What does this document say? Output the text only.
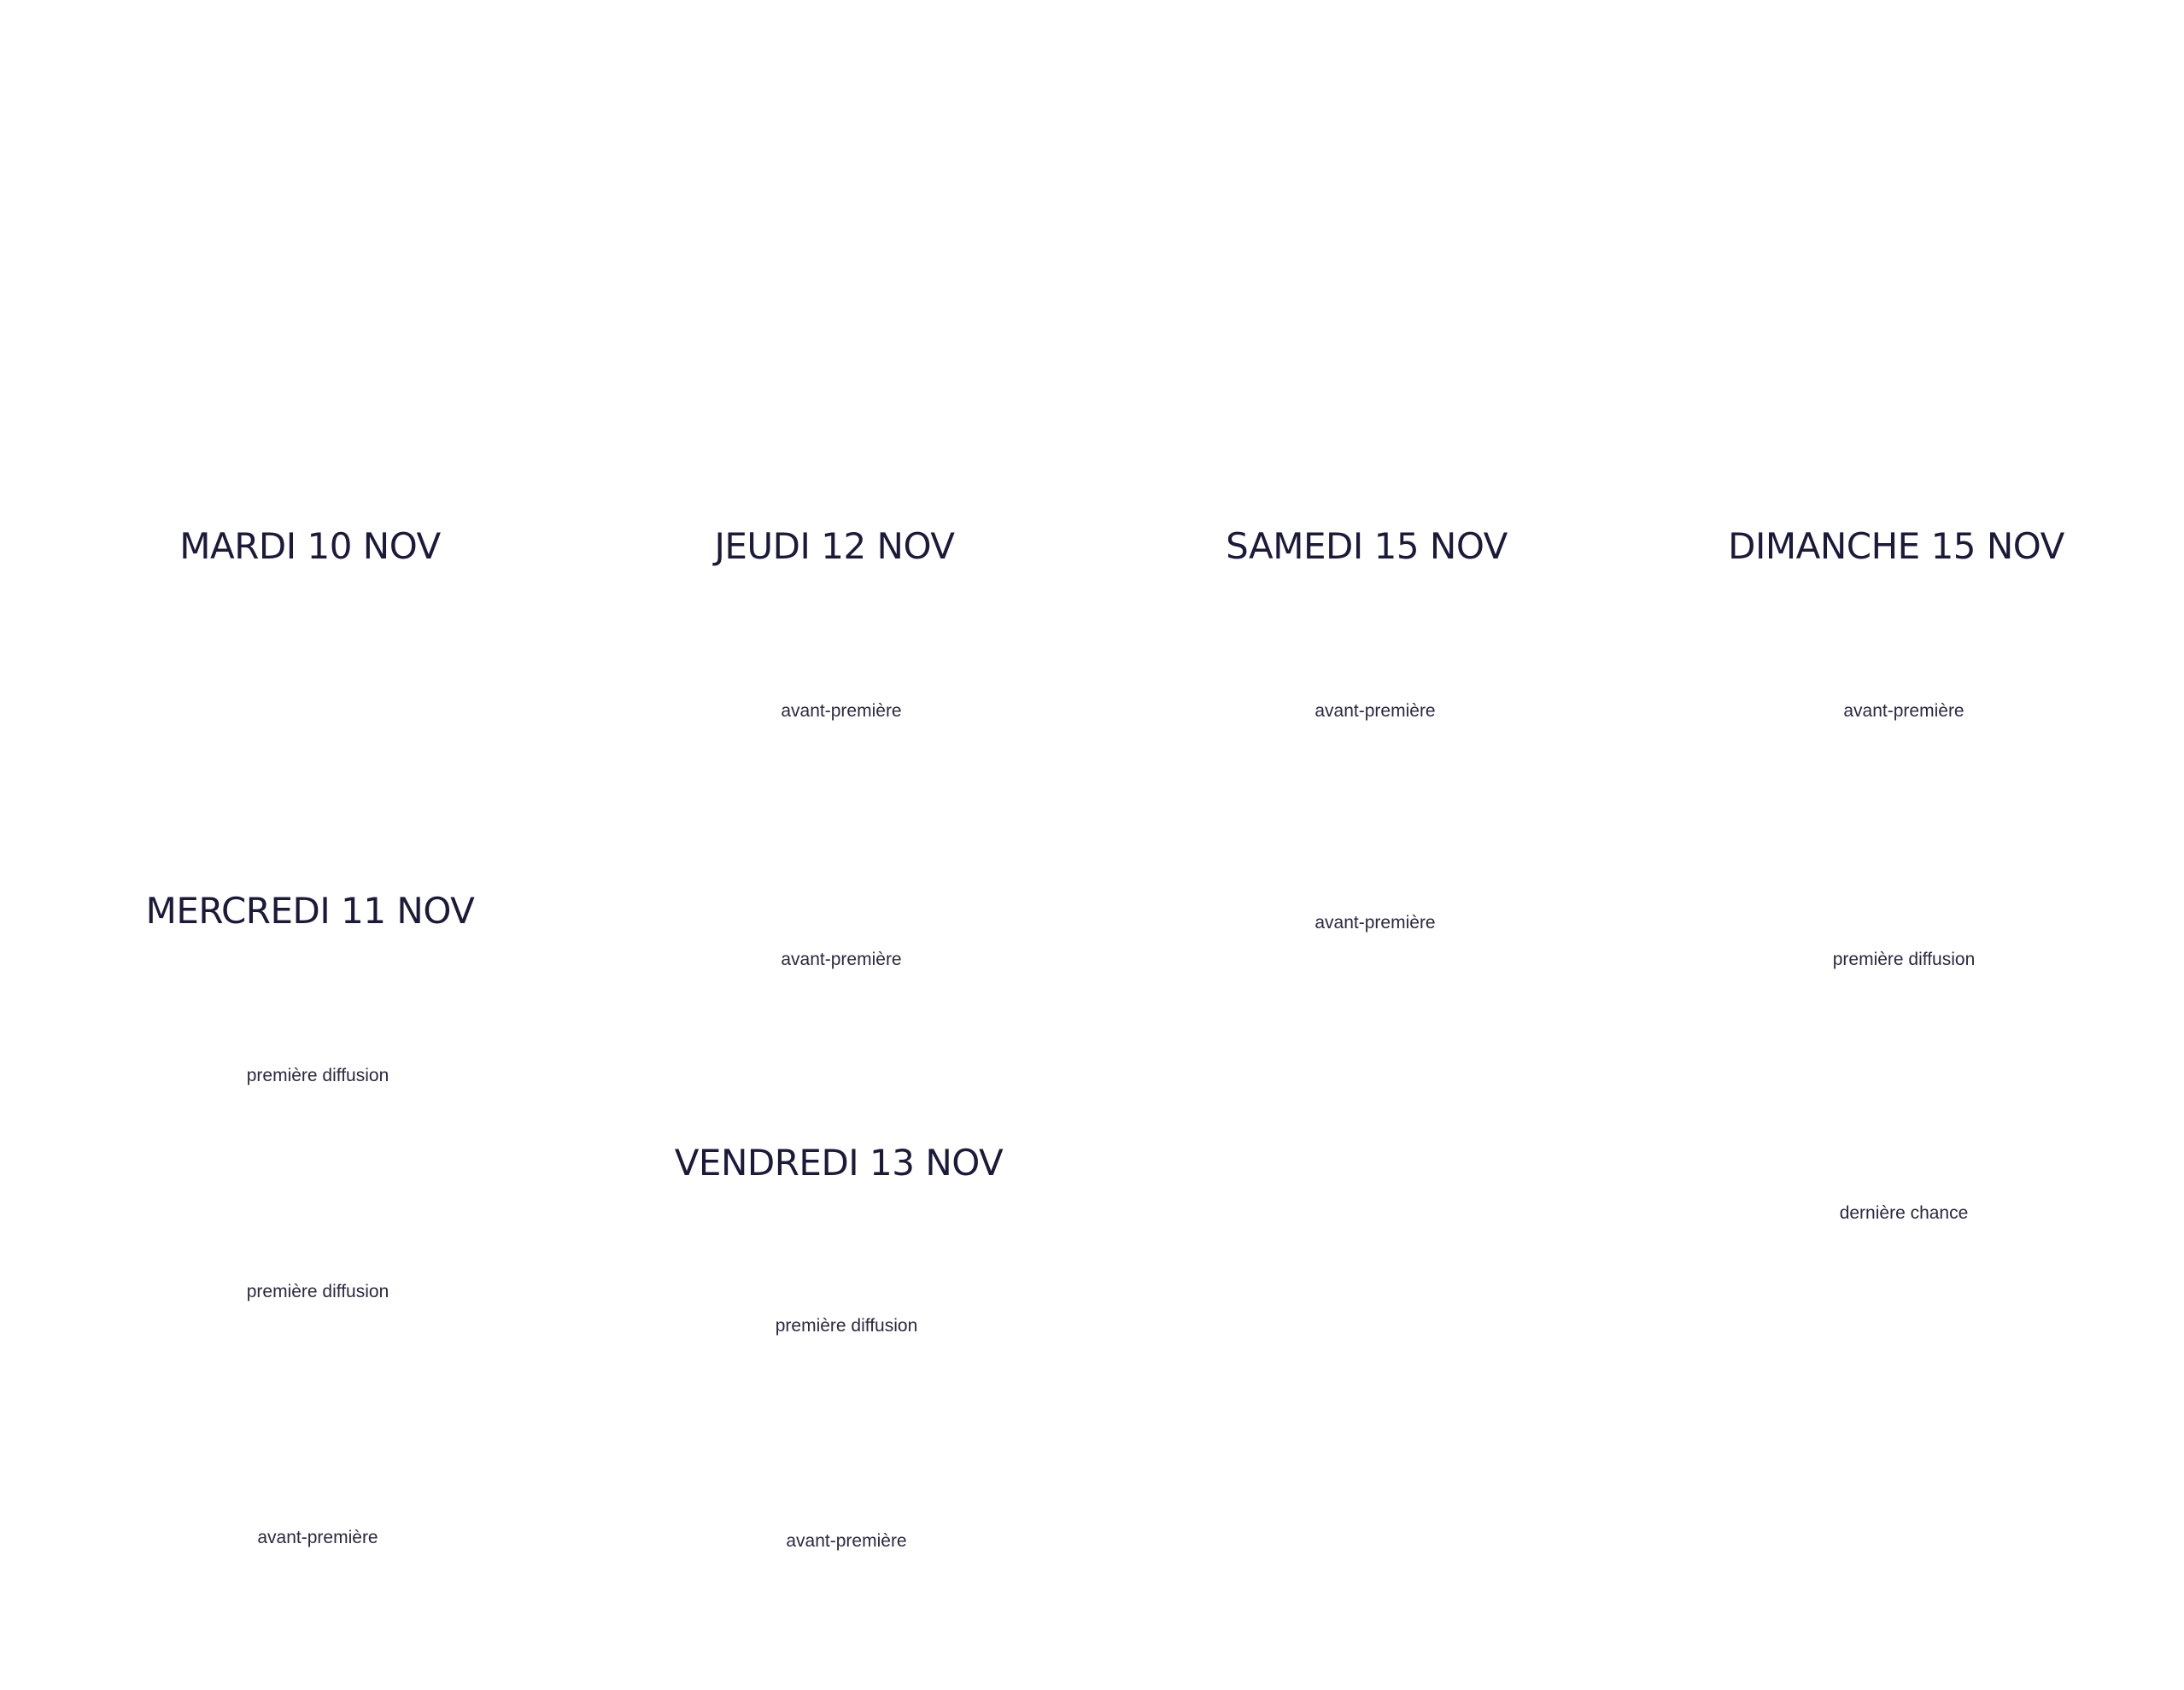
MARDI 10 NOV
MERCREDI 11 NOV
première diffusion
première diffusion
avant-première
JEUDI 12 NOV
avant-première
avant-première
VENDREDI 13 NOV
première diffusion
avant-première
SAMEDI 15 NOV
avant-première
avant-première
DIMANCHE 15 NOV
avant-première
première diffusion
dernière chance
